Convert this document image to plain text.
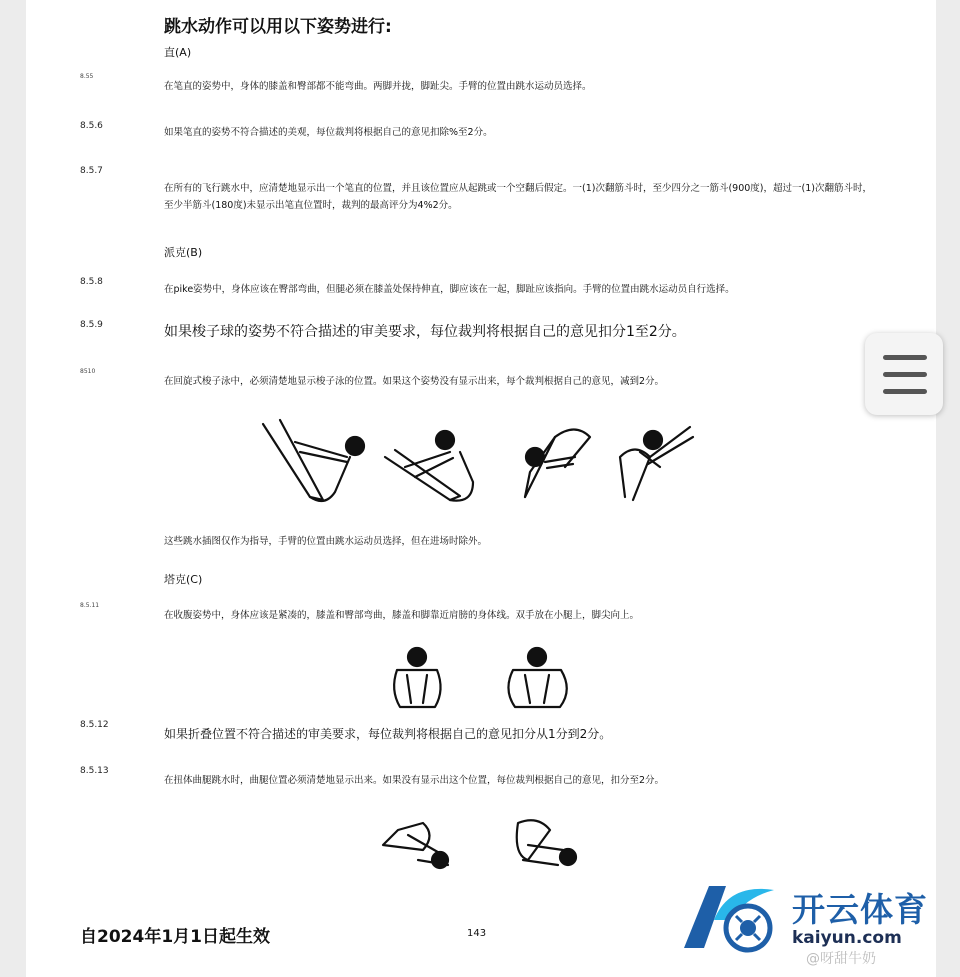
跳水动作可以用以下姿势进行:
直(A)
8.55
在笔直的姿势中，身体的膝盖和臀部都不能弯曲。两脚并拢，脚趾尖。手臂的位置由跳水运动员选择。
8.5.6
如果笔直的姿势不符合描述的美观，每位裁判将根据自己的意见扣除%至2分。
8.5.7
在所有的飞行跳水中，应清楚地显示出一个笔直的位置，并且该位置应从起跳或一个空翻后假定。一(1)次翻筋斗时，至少四分之一筋斗(900度)，超过一(1)次翻筋斗时，至少半筋斗(180度)未显示出笔直位置时，裁判的最高评分为4%2分。
派克(B)
8.5.8
在pike姿势中，身体应该在臀部弯曲，但腿必须在膝盖处保持伸直，脚应该在一起，脚趾应该指向。手臂的位置由跳水运动员自行选择。
8.5.9	如果梭子球的姿势不符合描述的审美要求，每位裁判将根据自己的意见扣分1至2分。
8510
在回旋式梭子泳中，必须清楚地显示梭子泳的位置。如果这个姿势没有显示出来，每个裁判根据自己的意见，减到2分。
这些跳水插图仅作为指导，手臂的位置由跳水运动员选择，但在进场时除外。
塔克(C)
8.5.11
在收腹姿势中，身体应该是紧凑的，膝盖和臀部弯曲，膝盖和脚靠近肩膀的身体线。双手放在小腿上，脚尖向上。
8.5.12
如果折叠位置不符合描述的审美要求，每位裁判将根据自己的意见扣分从1分到2分。
8.5.13
在扭体曲腿跳水时，曲腿位置必须清楚地显示出来。如果没有显示出这个位置，每位裁判根据自己的意见，扣分至2分。
自2024年1月1日起生效	143
开云体育
kaiyun.com
@呀甜牛奶
